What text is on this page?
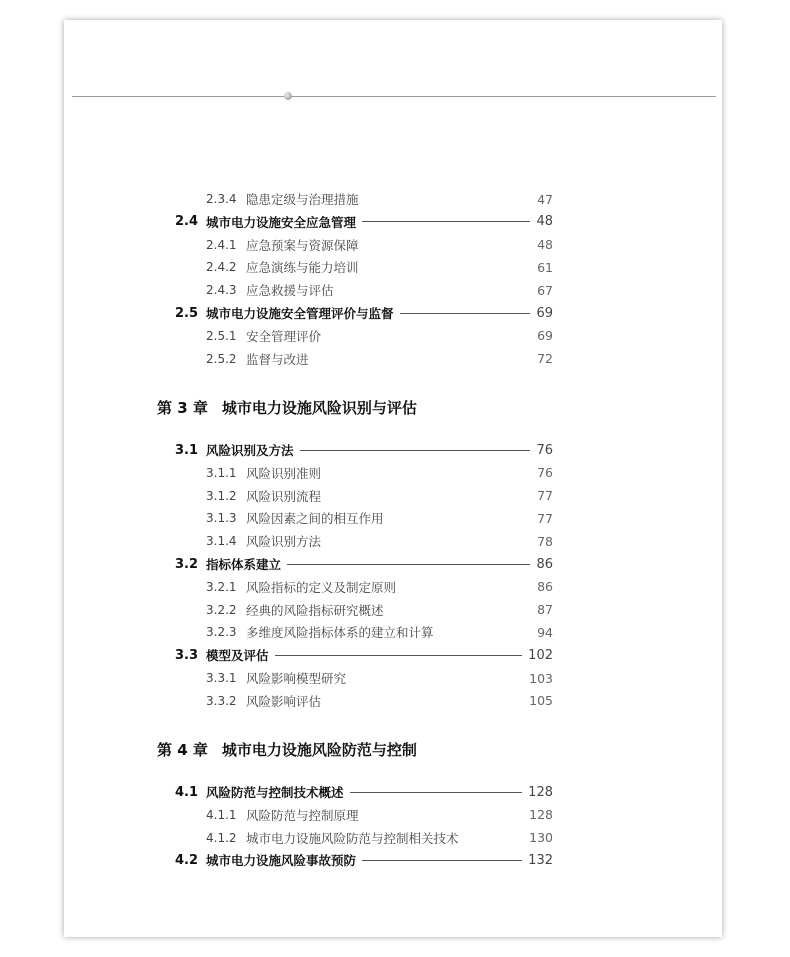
第 3 章 城市电力设施风险识别与评估
第 4 章 城市电力设施风险防范与控制
2.3.4 隐患定级与治理措施	47
2.4 城市电力设施安全应急管理	48
2.4.1 应急预案与资源保障	48
2.4.2 应急演练与能力培训	61
2.4.3 应急救援与评估	67
2.5 城市电力设施安全管理评价与监督	69
2.5.1 安全管理评价	69
2.5.2 监督与改进	72
3.1 风险识别及方法	76
3.1.1 风险识别准则	76
3.1.2 风险识别流程	77
3.1.3 风险因素之间的相互作用	77
3.1.4 风险识别方法	78
3.2 指标体系建立	86
3.2.1 风险指标的定义及制定原则	86
3.2.2 经典的风险指标研究概述	87
3.2.3 多维度风险指标体系的建立和计算	94
3.3 模型及评估	102
3.3.1 风险影响模型研究	103
3.3.2 风险影响评估	105
4.1 风险防范与控制技术概述	128
4.1.1 风险防范与控制原理	128
4.1.2 城市电力设施风险防范与控制相关技术	130
4.2 城市电力设施风险事故预防	132
